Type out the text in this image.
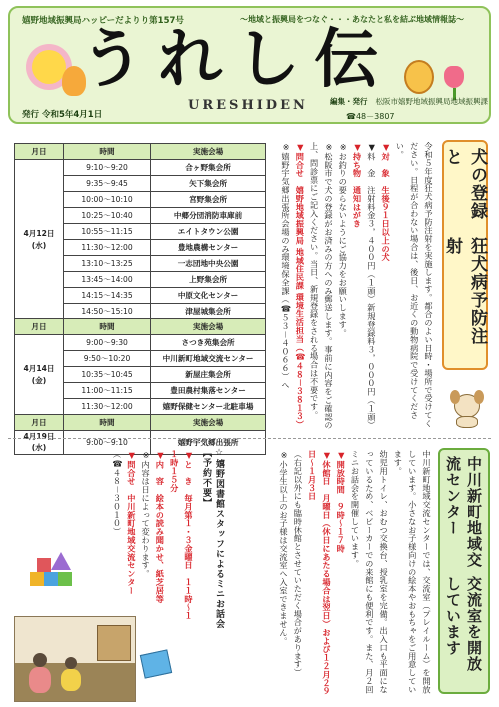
嬉野地域振興局ハッピーだよりり第157号	～地域と振興局をつなぐ・・・あなたと私を結ぶ地域情報誌～
うれし伝
URESHIDEN
発行 令和5年4月1日
編集・発行 松阪市嬉野地域振興局地域振興課
☎48－3807
月日	時間	実施会場
4月12日
(水)	9:10～9:20	合ヶ野集会所
	9:35～9:45	矢下集会所
	10:00～10:10	宮野集会所
	10:25～10:40	中郷分団消防車庫前
	10:55～11:15	エイトタウン公園
	11:30～12:00	豊地農構センター
	13:10～13:25	一志団地中央公園
	13:45～14:00	上野集会所
	14:15～14:35	中原文化センター
	14:50～15:10	津屋城集会所
月日	時間	実施会場
4月14日
(金)	9:00～9:30	さつき苑集会所
	9:50～10:20	中川新町地域交流センター
	10:35～10:45	新屋庄集会所
	11:00～11:15	豊田農村集落センター
	11:30～12:00	嬉野保健センター北駐車場
月日	時間	実施会場
4月19日
(水)	9:00～9:10	嬉野宇気郷出張所
犬の登録と
狂犬病予防注射

令和５年度狂犬病予防注射を実施します。都合のよい日時・場所で受けてください。日程が合わない場合は、後日、お近くの動物病院で受けてください。

▼対　象　生後９１日以上の犬

▼料　金　注射料金３，４００円（１頭）新規登録料３，０００円（１頭）

▼持ち物　通知はがき

※お釣りの要らないようにご協力をお願いします。

※松阪市で犬の登録がお済みの方へのみ郵送します。事前に内容をご確認の上、問診票にご記入ください。当日、新規登録をされる場合は不要です。

▼問合せ　嬉野地域振興局 地域住民課 環境生活担当（☎４８－３８１３）

※嬉野宇気郷出張所会場のみ環境保全課（☎５３－４０６６）へ

中川新町地域交流センター
交流室を開放しています

中川新町地域交流センターでは、交流室（プレイルーム）を開放しています。小さなお子様向けの絵本やおもちゃをご用意しています。

幼児用トイレ、おむつ交換台、授乳室を完備。出入口も平面になっているため、ベビーカーでの来館にも便利です。また、月２回ミニお話会を開催しています。

▼開放時間　９時～１７時

▼休館日　月曜日（休日にあたる場合は翌日）および１２月２９日～１月３日

（右記以外にも臨時休館とさせていただく場合があります）

※小学生以上のお子様は交流室へ入室できません。

☆嬉野図書館スタッフによるミニお話会【予約不要】

▼と　き　毎月第１・３金曜日　１１時～１１時１５分

▼内　容　絵本の読み聞かせ、紙芝居等

※内容は日によって変わります。

▼問合せ　中川新町地域交流センター

（☎４８－３０１０）
